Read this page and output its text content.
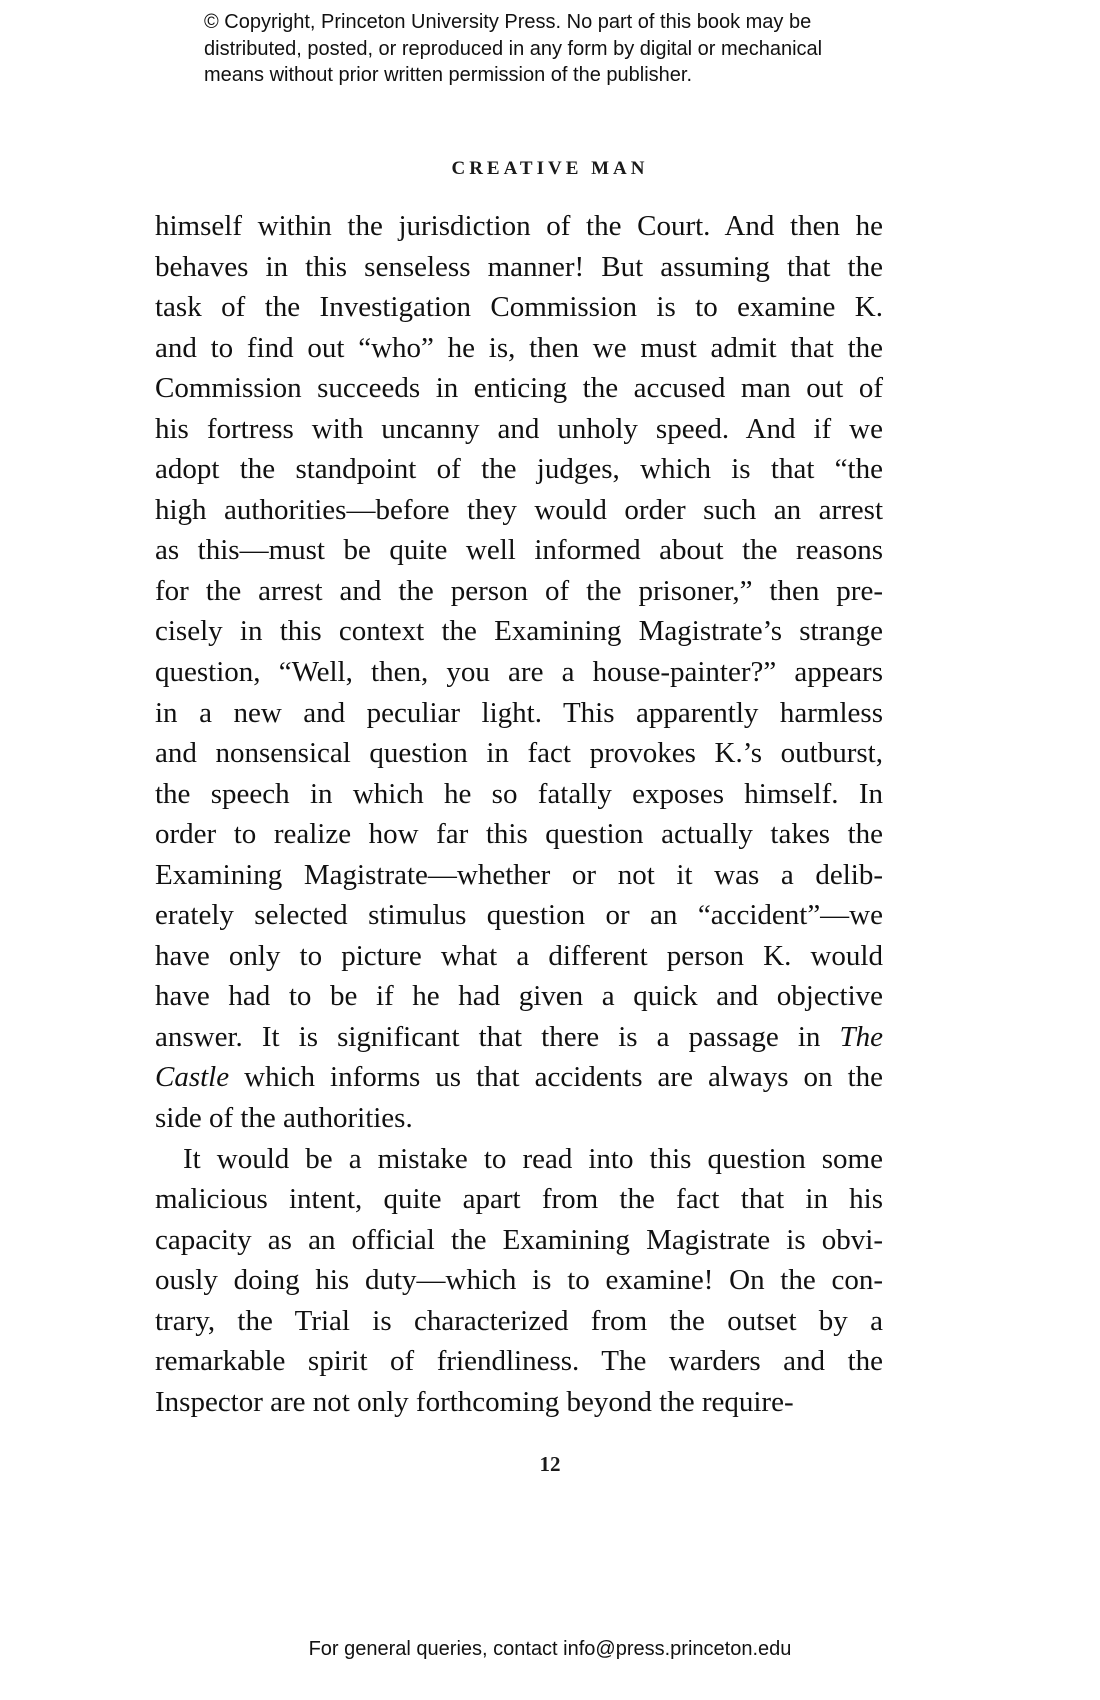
© Copyright, Princeton University Press. No part of this book may be
distributed, posted, or reproduced in any form by digital or mechanical
means without prior written permission of the publisher.
CREATIVE MAN
himself within the jurisdiction of the Court. And then he
behaves in this senseless manner! But assuming that the
task of the Investigation Commission is to examine K.
and to find out “who” he is, then we must admit that the
Commission succeeds in enticing the accused man out of
his fortress with uncanny and unholy speed. And if we
adopt the standpoint of the judges, which is that “the
high authorities—before they would order such an arrest
as this—must be quite well informed about the reasons
for the arrest and the person of the prisoner,” then pre-
cisely in this context the Examining Magistrate’s strange
question, “Well, then, you are a house-painter?” appears
in a new and peculiar light. This apparently harmless
and nonsensical question in fact provokes K.’s outburst,
the speech in which he so fatally exposes himself. In
order to realize how far this question actually takes the
Examining Magistrate—whether or not it was a delib-
erately selected stimulus question or an “accident”—we
have only to picture what a different person K. would
have had to be if he had given a quick and objective
answer. It is significant that there is a passage in The
Castle which informs us that accidents are always on the
side of the authorities.
It would be a mistake to read into this question some
malicious intent, quite apart from the fact that in his
capacity as an official the Examining Magistrate is obvi-
ously doing his duty—which is to examine! On the con-
trary, the Trial is characterized from the outset by a
remarkable spirit of friendliness. The warders and the
Inspector are not only forthcoming beyond the require-
12
For general queries, contact info@press.princeton.edu
